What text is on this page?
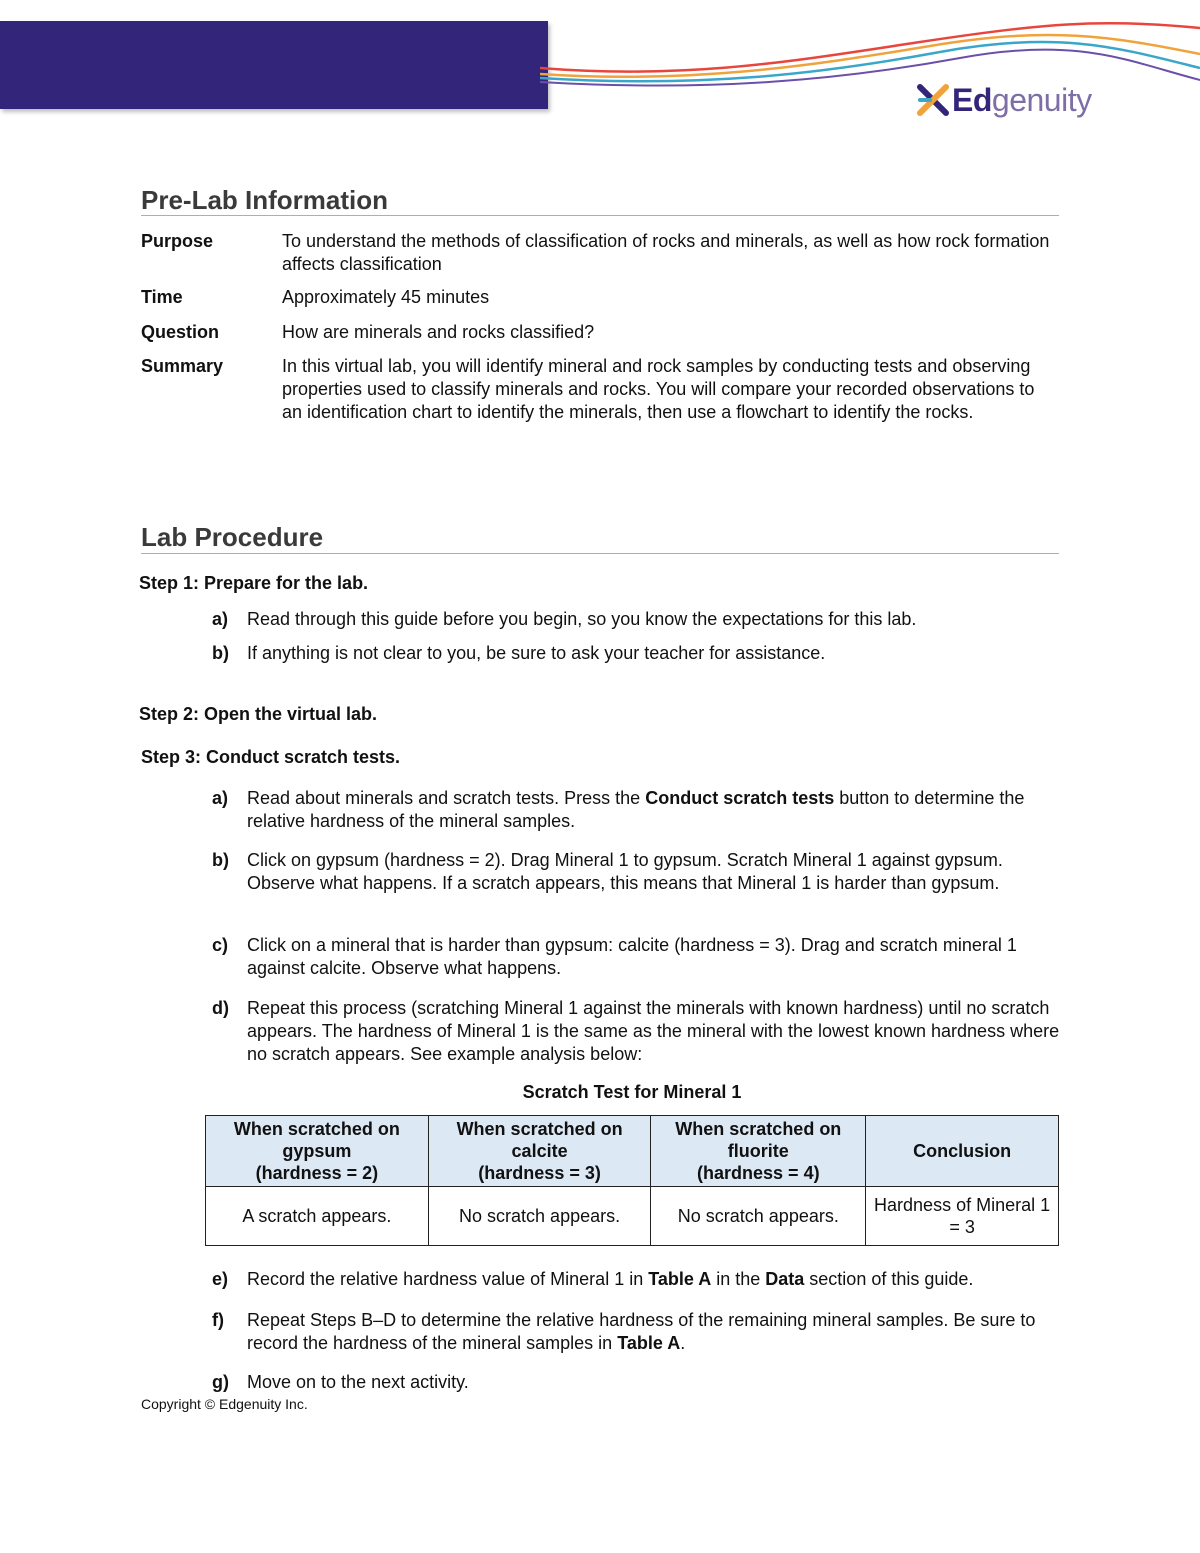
Edgenuity
Pre-Lab Information
Purpose	To understand the methods of classification of rocks and minerals, as well as how rock formation affects classification
Time	Approximately 45 minutes
Question	How are minerals and rocks classified?
Summary	In this virtual lab, you will identify mineral and rock samples by conducting tests and observing properties used to classify minerals and rocks. You will compare your recorded observations to an identification chart to identify the minerals, then use a flowchart to identify the rocks.
Lab Procedure
Step 1: Prepare for the lab.
a)	Read through this guide before you begin, so you know the expectations for this lab.
b)	If anything is not clear to you, be sure to ask your teacher for assistance.
Step 2: Open the virtual lab.
Step 3: Conduct scratch tests.
a)	Read about minerals and scratch tests. Press the Conduct scratch tests button to determine the relative hardness of the mineral samples.
b)	Click on gypsum (hardness = 2). Drag Mineral 1 to gypsum. Scratch Mineral 1 against gypsum. Observe what happens. If a scratch appears, this means that Mineral 1 is harder than gypsum.
c)	Click on a mineral that is harder than gypsum: calcite (hardness = 3). Drag and scratch mineral 1 against calcite. Observe what happens.
d)	Repeat this process (scratching Mineral 1 against the minerals with known hardness) until no scratch appears. The hardness of Mineral 1 is the same as the mineral with the lowest known hardness where no scratch appears. See example analysis below:
Scratch Test for Mineral 1
When scratched on
gypsum
(hardness = 2)	When scratched on
calcite
(hardness = 3)	When scratched on
fluorite
(hardness = 4)	Conclusion
A scratch appears.	No scratch appears.	No scratch appears.	Hardness of Mineral 1 = 3
e)	Record the relative hardness value of Mineral 1 in Table A in the Data section of this guide.
f)	Repeat Steps B–D to determine the relative hardness of the remaining mineral samples. Be sure to record the hardness of the mineral samples in Table A.
g)	Move on to the next activity.
Copyright © Edgenuity Inc.
